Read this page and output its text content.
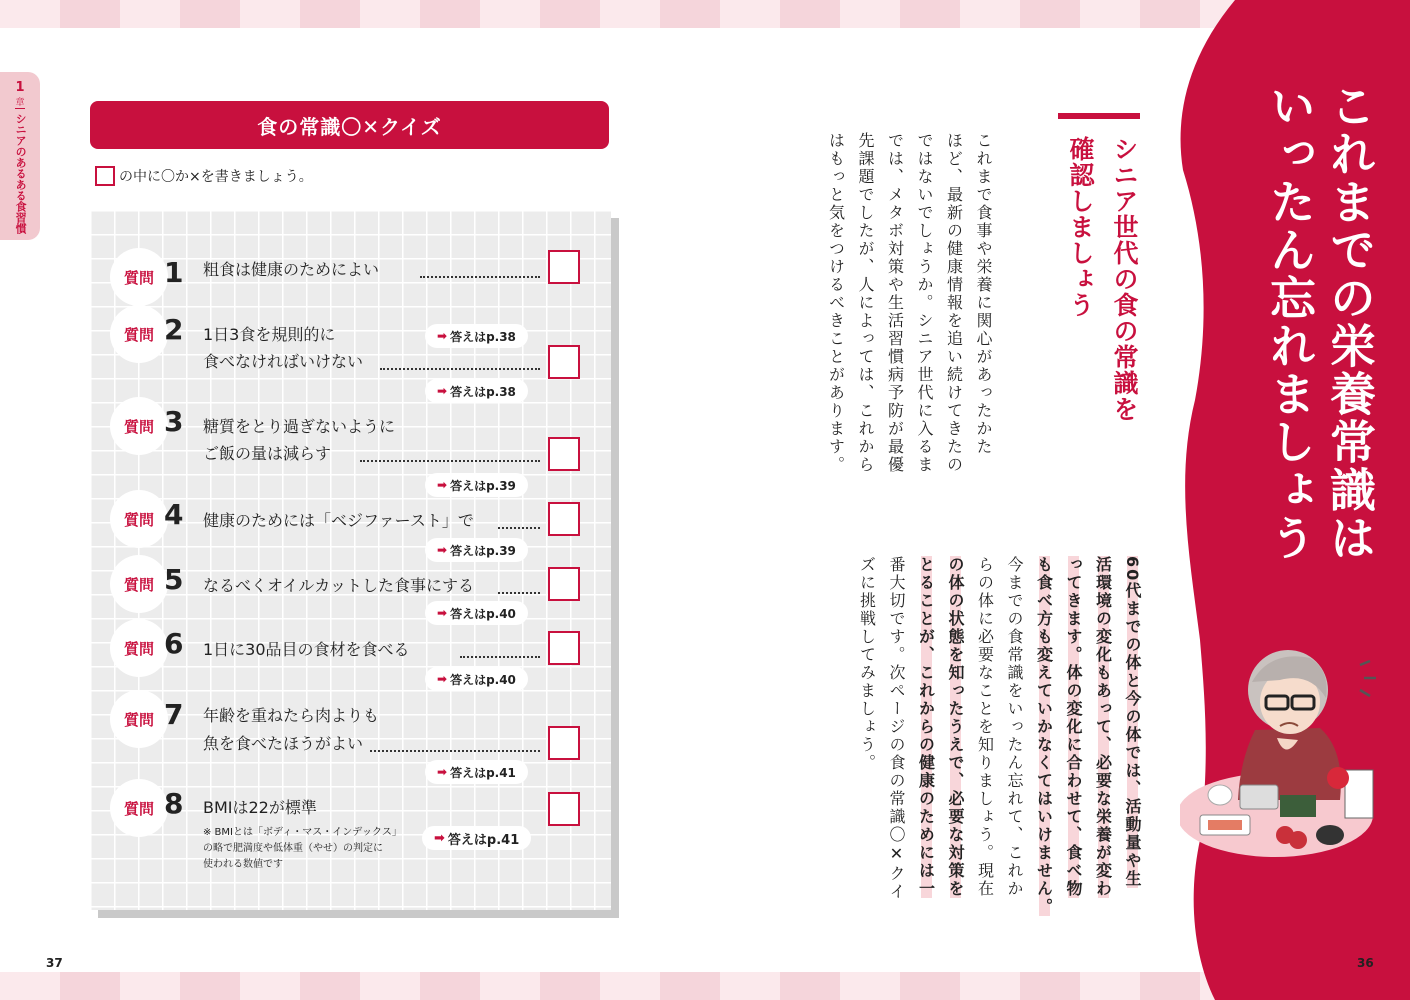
1
章
シニアのあるある食習慣	食の常識〇✕クイズ
の中に〇か×を書きましょう。
質問 1 粗食は健康のためによい
➡ 答えはp.38
質問 2 1日3食を規則的に
食べなければいけない
➡ 答えはp.38
質問 3 糖質をとり過ぎないように
ご飯の量は減らす
➡ 答えはp.39
質問 4 健康のためには「ベジファースト」で
➡ 答えはp.39
質問 5 なるべくオイルカットした食事にする
➡ 答えはp.40
質問 6 1日に30品目の食材を食べる
➡ 答えはp.40
質問 7 年齢を重ねたら肉よりも
魚を食べたほうがよい
➡ 答えはp.41
質問 8 BMIは22が標準
※ BMIとは「ボディ・マス・インデックス」
の略で肥満度や低体重（やせ）の判定に
使われる数値です
➡ 答えはp.41
37
これまでの栄養常識は
いったん忘れましょう
シニア世代の食の常識を
確認しましょう
これまで食事や栄養に関心があったかた
ほど、最新の健康情報を追い続けてきたの
ではないでしょうか。シニア世代に入るま
では、メタボ対策や生活習慣病予防が最優
先課題でしたが、人によっては、これから
はもっと気をつけるべきことがあります。
60代までの体と今の体では、活動量や生
活環境の変化もあって、必要な栄養が変わ
ってきます。体の変化に合わせて、食べ物
も食べ方も変えていかなくてはいけません。
今までの食常識をいったん忘れて、これか
らの体に必要なことを知りましょう。現在
の体の状態を知ったうえで、必要な対策を
とることが、これからの健康のためには一
番大切です。次ページの食の常識〇✕クイ
ズに挑戦してみましょう。
36
